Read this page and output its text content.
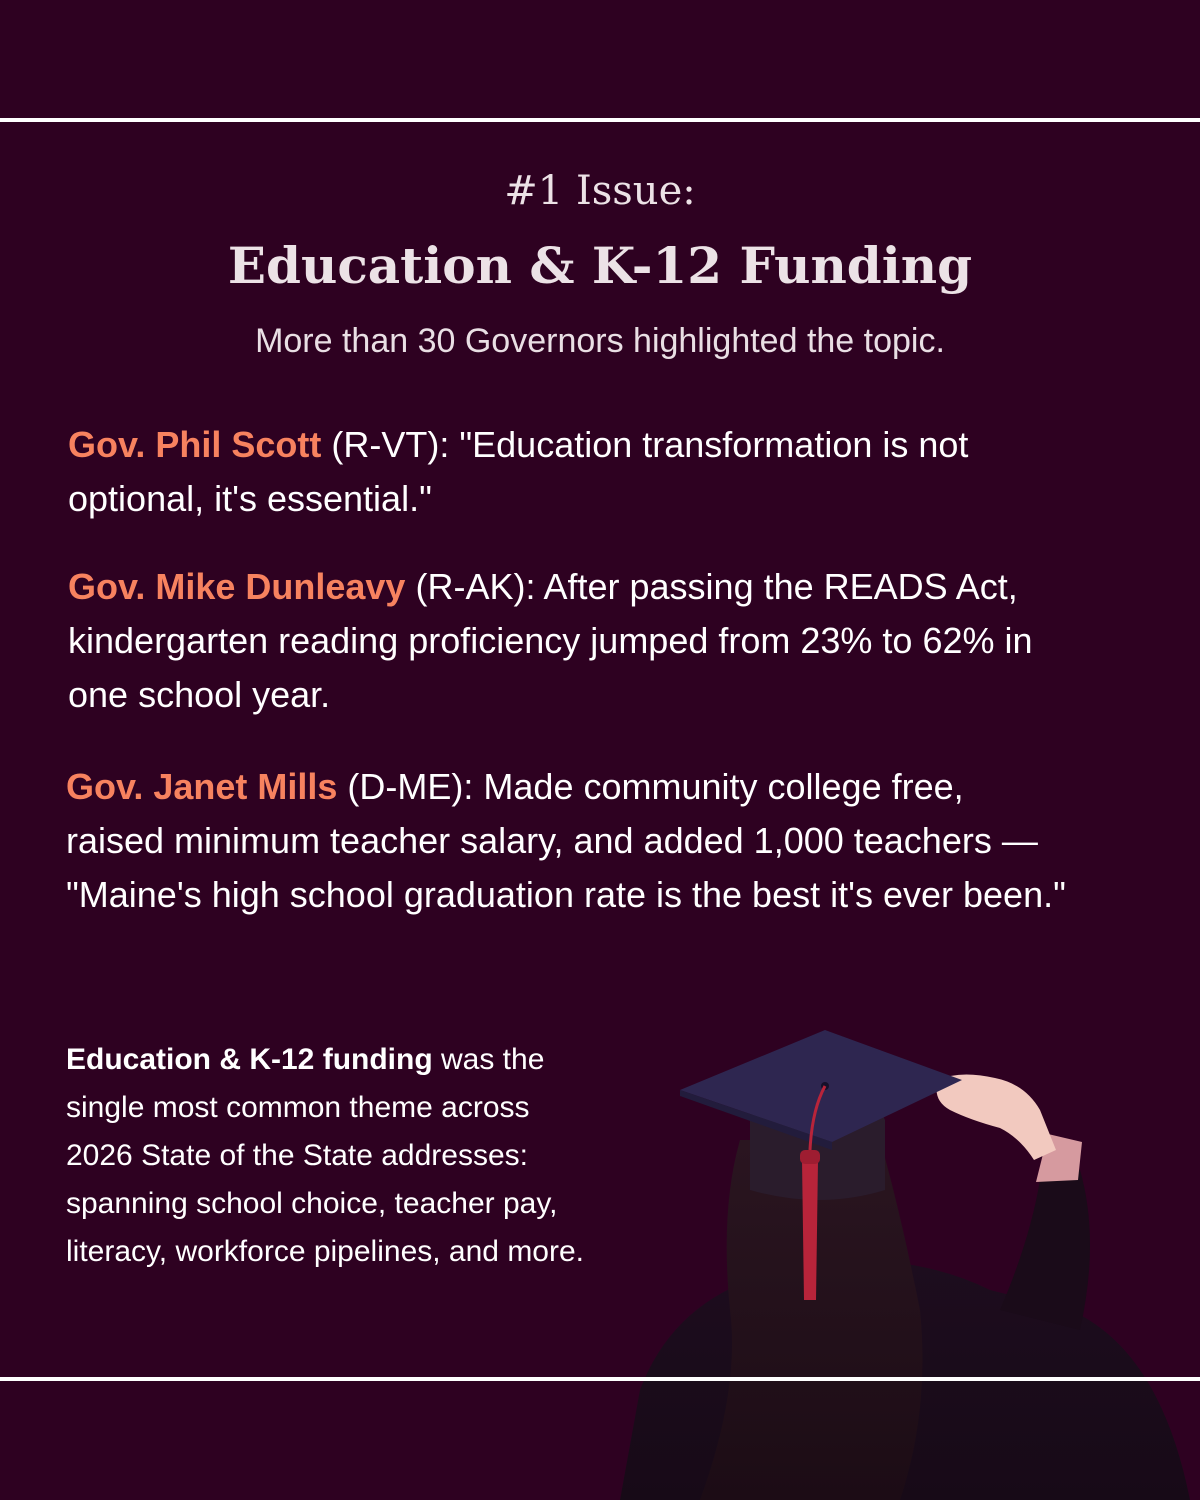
#1 Issue:
Education & K-12 Funding
More than 30 Governors highlighted the topic.
Gov. Phil Scott (R-VT): "Education transformation is not optional, it's essential."
Gov. Mike Dunleavy (R-AK): After passing the READS Act, kindergarten reading proficiency jumped from 23% to 62% in one school year.
Gov. Janet Mills (D-ME): Made community college free, raised minimum teacher salary, and added 1,000 teachers — "Maine's high school graduation rate is the best it's ever been."
Education & K-12 funding was the single most common theme across 2026 State of the State addresses: spanning school choice, teacher pay, literacy, workforce pipelines, and more.
